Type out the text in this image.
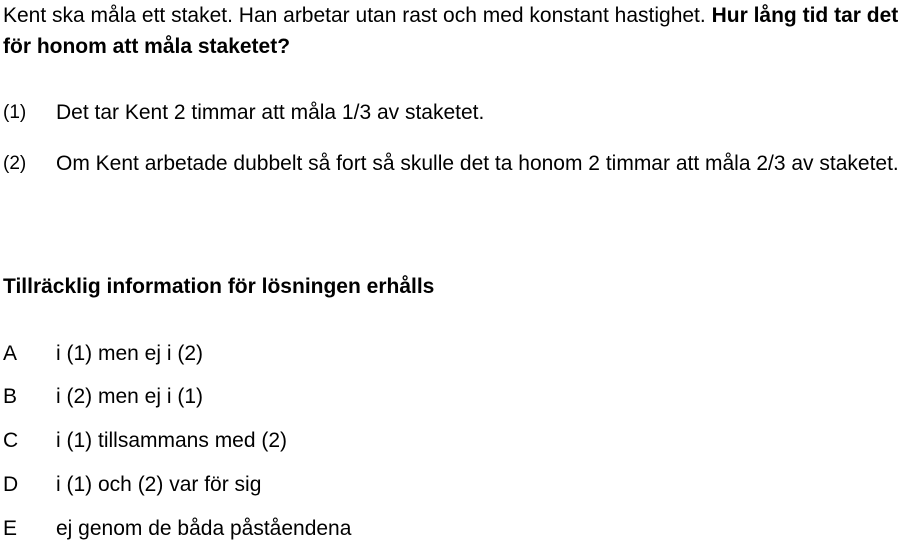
Kent ska måla ett staket. Han arbetar utan rast och med konstant hastighet. Hur lång tid tar det för honom att måla staketet?

(1)	Det tar Kent 2 timmar att måla 1/3 av staketet.
(2)	Om Kent arbetade dubbelt så fort så skulle det ta honom 2 timmar att måla 2/3 av staketet.
Tillräcklig information för lösningen erhålls
A	i (1) men ej i (2)
B	i (2) men ej i (1)
C	i (1) tillsammans med (2)
D	i (1) och (2) var för sig
E	ej genom de båda påståendena
